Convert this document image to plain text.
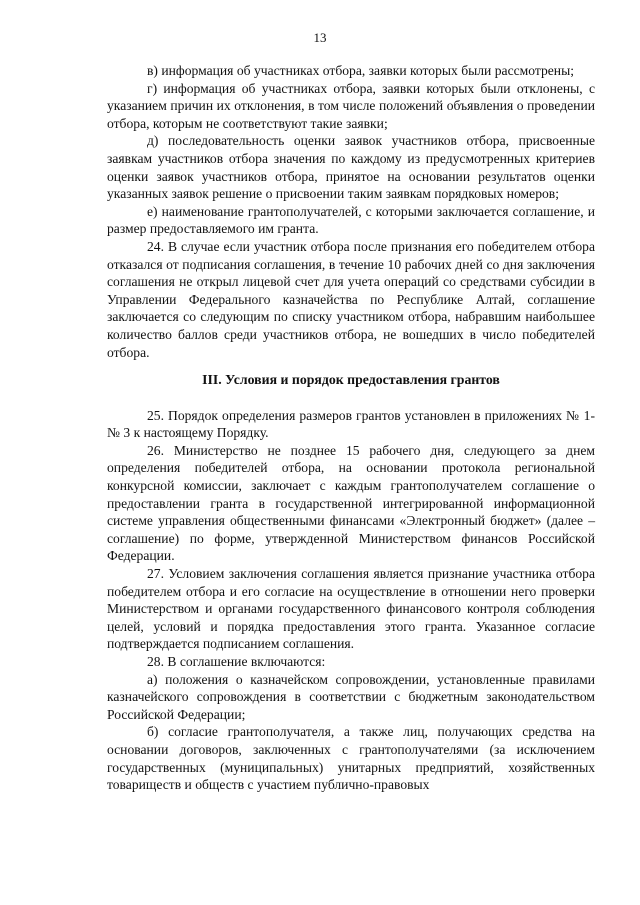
13

в) информация об участниках отбора, заявки которых были рассмотрены;

г) информация об участниках отбора, заявки которых были отклонены, с указанием причин их отклонения, в том числе положений объявления о проведении отбора, которым не соответствуют такие заявки;

д) последовательность оценки заявок участников отбора, присвоенные заявкам участников отбора значения по каждому из предусмотренных критериев оценки заявок участников отбора, принятое на основании результатов оценки указанных заявок решение о присвоении таким заявкам порядковых номеров;

е) наименование грантополучателей, с которыми заключается соглашение, и размер предоставляемого им гранта.

24. В случае если участник отбора после признания его победителем отбора отказался от подписания соглашения, в течение 10 рабочих дней со дня заключения соглашения не открыл лицевой счет для учета операций со средствами субсидии в Управлении Федерального казначейства по Республике Алтай, соглашение заключается со следующим по списку участником отбора, набравшим наибольшее количество баллов среди участников отбора, не вошедших в число победителей отбора.

III. Условия и порядок предоставления грантов

25. Порядок определения размеров грантов установлен в приложениях № 1-№ 3 к настоящему Порядку.

26. Министерство не позднее 15 рабочего дня, следующего за днем определения победителей отбора, на основании протокола региональной конкурсной комиссии, заключает с каждым грантополучателем соглашение о предоставлении гранта в государственной интегрированной информационной системе управления общественными финансами «Электронный бюджет» (далее – соглашение) по форме, утвержденной Министерством финансов Российской Федерации.

27. Условием заключения соглашения является признание участника отбора победителем отбора и его согласие на осуществление в отношении него проверки Министерством и органами государственного финансового контроля соблюдения целей, условий и порядка предоставления этого гранта. Указанное согласие подтверждается подписанием соглашения.

28. В соглашение включаются:

а) положения о казначейском сопровождении, установленные правилами казначейского сопровождения в соответствии с бюджетным законодательством Российской Федерации;

б) согласие грантополучателя, а также лиц, получающих средства на основании договоров, заключенных с грантополучателями (за исключением государственных (муниципальных) унитарных предприятий, хозяйственных товариществ и обществ с участием публично-правовых
